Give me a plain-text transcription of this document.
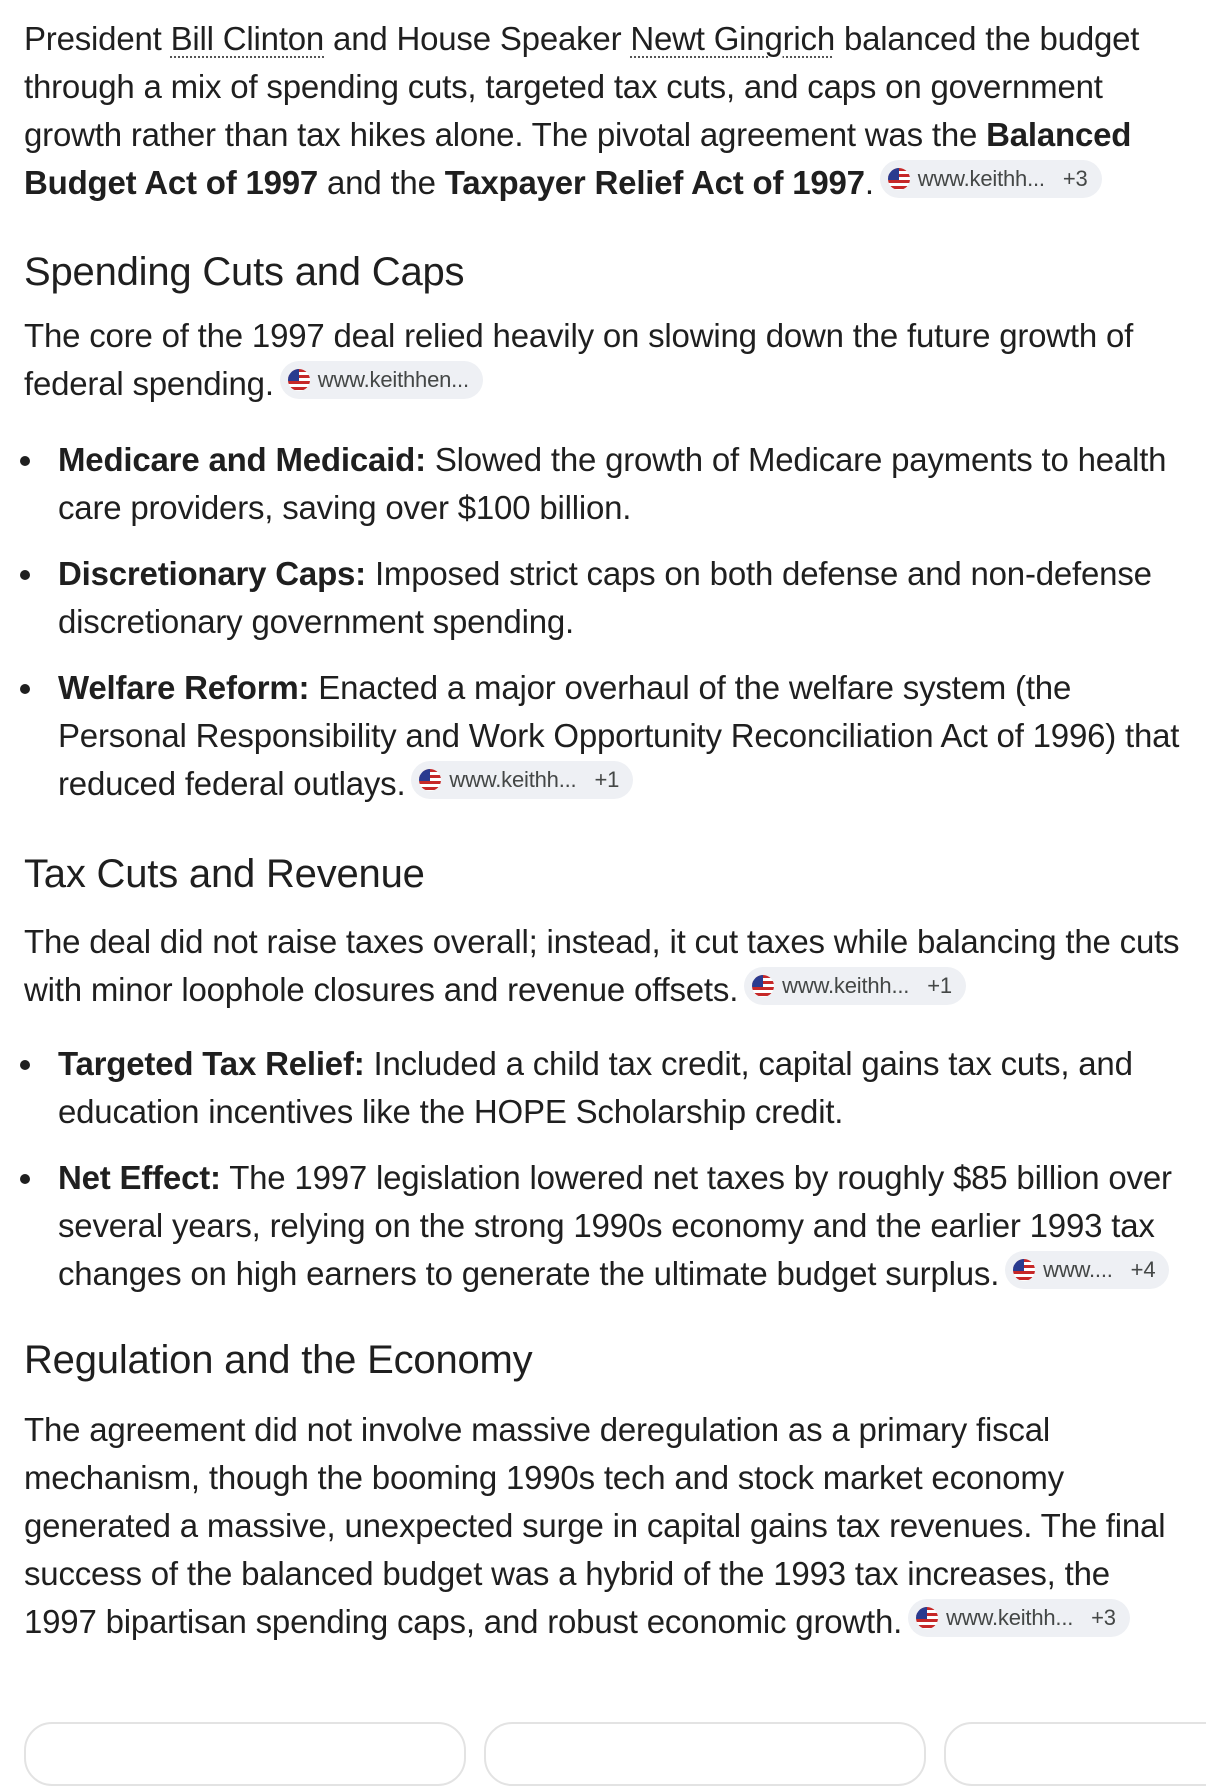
President Bill Clinton and House Speaker Newt Gingrich balanced the budget through a mix of spending cuts, targeted tax cuts, and caps on government growth rather than tax hikes alone. The pivotal agreement was the Balanced Budget Act of 1997 and the Taxpayer Relief Act of 1997. www.keithh... +3

Spending Cuts and Caps

The core of the 1997 deal relied heavily on slowing down the future growth of federal spending. www.keithhen...

Medicare and Medicaid: Slowed the growth of Medicare payments to health care providers, saving over $100 billion.
Discretionary Caps: Imposed strict caps on both defense and non-defense discretionary government spending.
Welfare Reform: Enacted a major overhaul of the welfare system (the Personal Responsibility and Work Opportunity Reconciliation Act of 1996) that reduced federal outlays. www.keithh... +1
Tax Cuts and Revenue

The deal did not raise taxes overall; instead, it cut taxes while balancing the cuts with minor loophole closures and revenue offsets. www.keithh... +1

Targeted Tax Relief: Included a child tax credit, capital gains tax cuts, and education incentives like the HOPE Scholarship credit.
Net Effect: The 1997 legislation lowered net taxes by roughly $85 billion over several years, relying on the strong 1990s economy and the earlier 1993 tax changes on high earners to generate the ultimate budget surplus. www.... +4
Regulation and the Economy

The agreement did not involve massive deregulation as a primary fiscal mechanism, though the booming 1990s tech and stock market economy generated a massive, unexpected surge in capital gains tax revenues. The final success of the balanced budget was a hybrid of the 1993 tax increases, the 1997 bipartisan spending caps, and robust economic growth. www.keithh... +3
